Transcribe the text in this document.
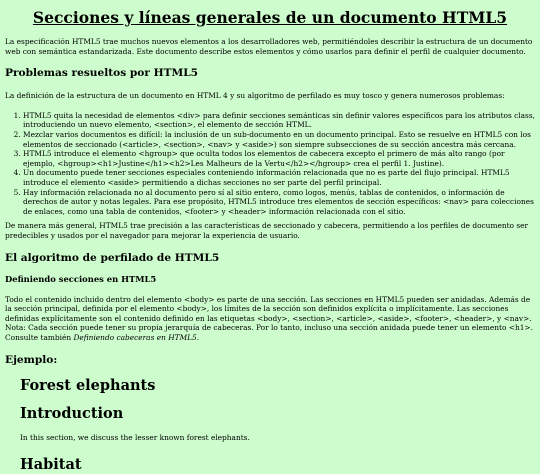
Secciones y líneas generales de un documento HTML5

La especificación HTML5 trae muchos nuevos elementos a los desarrolladores web, permitiéndoles describir la estructura de un documento web con semántica estandarizada. Este documento describe estos elementos y cómo usarlos para definir el perfil de cualquier documento.

Problemas resueltos por HTML5

La definición de la estructura de un documento en HTML 4 y su algoritmo de perfilado es muy tosco y genera numerosos problemas:

1. HTML5 quita la necesidad de elementos <div> para definir secciones semánticas sin definir valores específicos para los atributos class, introduciendo un nuevo elemento, <section>, el elemento de sección HTML.
2. Mezclar varios documentos es difícil: la inclusión de un sub-documento en un documento principal. Esto se resuelve en HTML5 con los elementos de seccionado (<article>, <section>, <nav> y <aside>) son siempre subsecciones de su sección ancestra más cercana.
3. HTML5 introduce el elemento <hgroup> que oculta todos los elementos de cabecera excepto el primero de más alto rango (por ejemplo, <hgroup><h1>Justine</h1><h2>Les Malheurs de la Vertu</h2></hgroup> crea el perfil 1. Justine).
4. Un documento puede tener secciones especiales conteniendo información relacionada que no es parte del flujo principal. HTML5 introduce el elemento <aside> permitiendo a dichas secciones no ser parte del perfil principal.
5. Hay información relacionada no al documento pero sí al sitio entero, como logos, menús, tablas de contenidos, o información de derechos de autor y notas legales. Para ese propósito, HTML5 introduce tres elementos de sección específicos: <nav> para colecciones de enlaces, como una tabla de contenidos, <footer> y <header> información relacionada con el sitio.

De manera más general, HTML5 trae precisión a las características de seccionado y cabecera, permitiendo a los perfiles de documento ser predecibles y usados por el navegador para mejorar la experiencia de usuario.

El algoritmo de perfilado de HTML5
Definiendo secciones en HTML5

Todo el contenido incluido dentro del elemento <body> es parte de una sección. Las secciones en HTML5 pueden ser anidadas. Además de la sección principal, definida por el elemento <body>, los límites de la sección son definidos explícita o implícitamente. Las secciones definidas explícitamente son el contenido definido en las etiquetas <body>, <section>, <article>, <aside>, <footer>, <header>, y <nav>. Nota: Cada sección puede tener su propia jerarquía de cabeceras. Por lo tanto, incluso una sección anidada puede tener un elemento <h1>. Consulte también Definiendo cabeceras en HTML5.

Ejemplo:
Forest elephants
Introduction
In this section, we discuss the lesser known forest elephants.
Habitat
